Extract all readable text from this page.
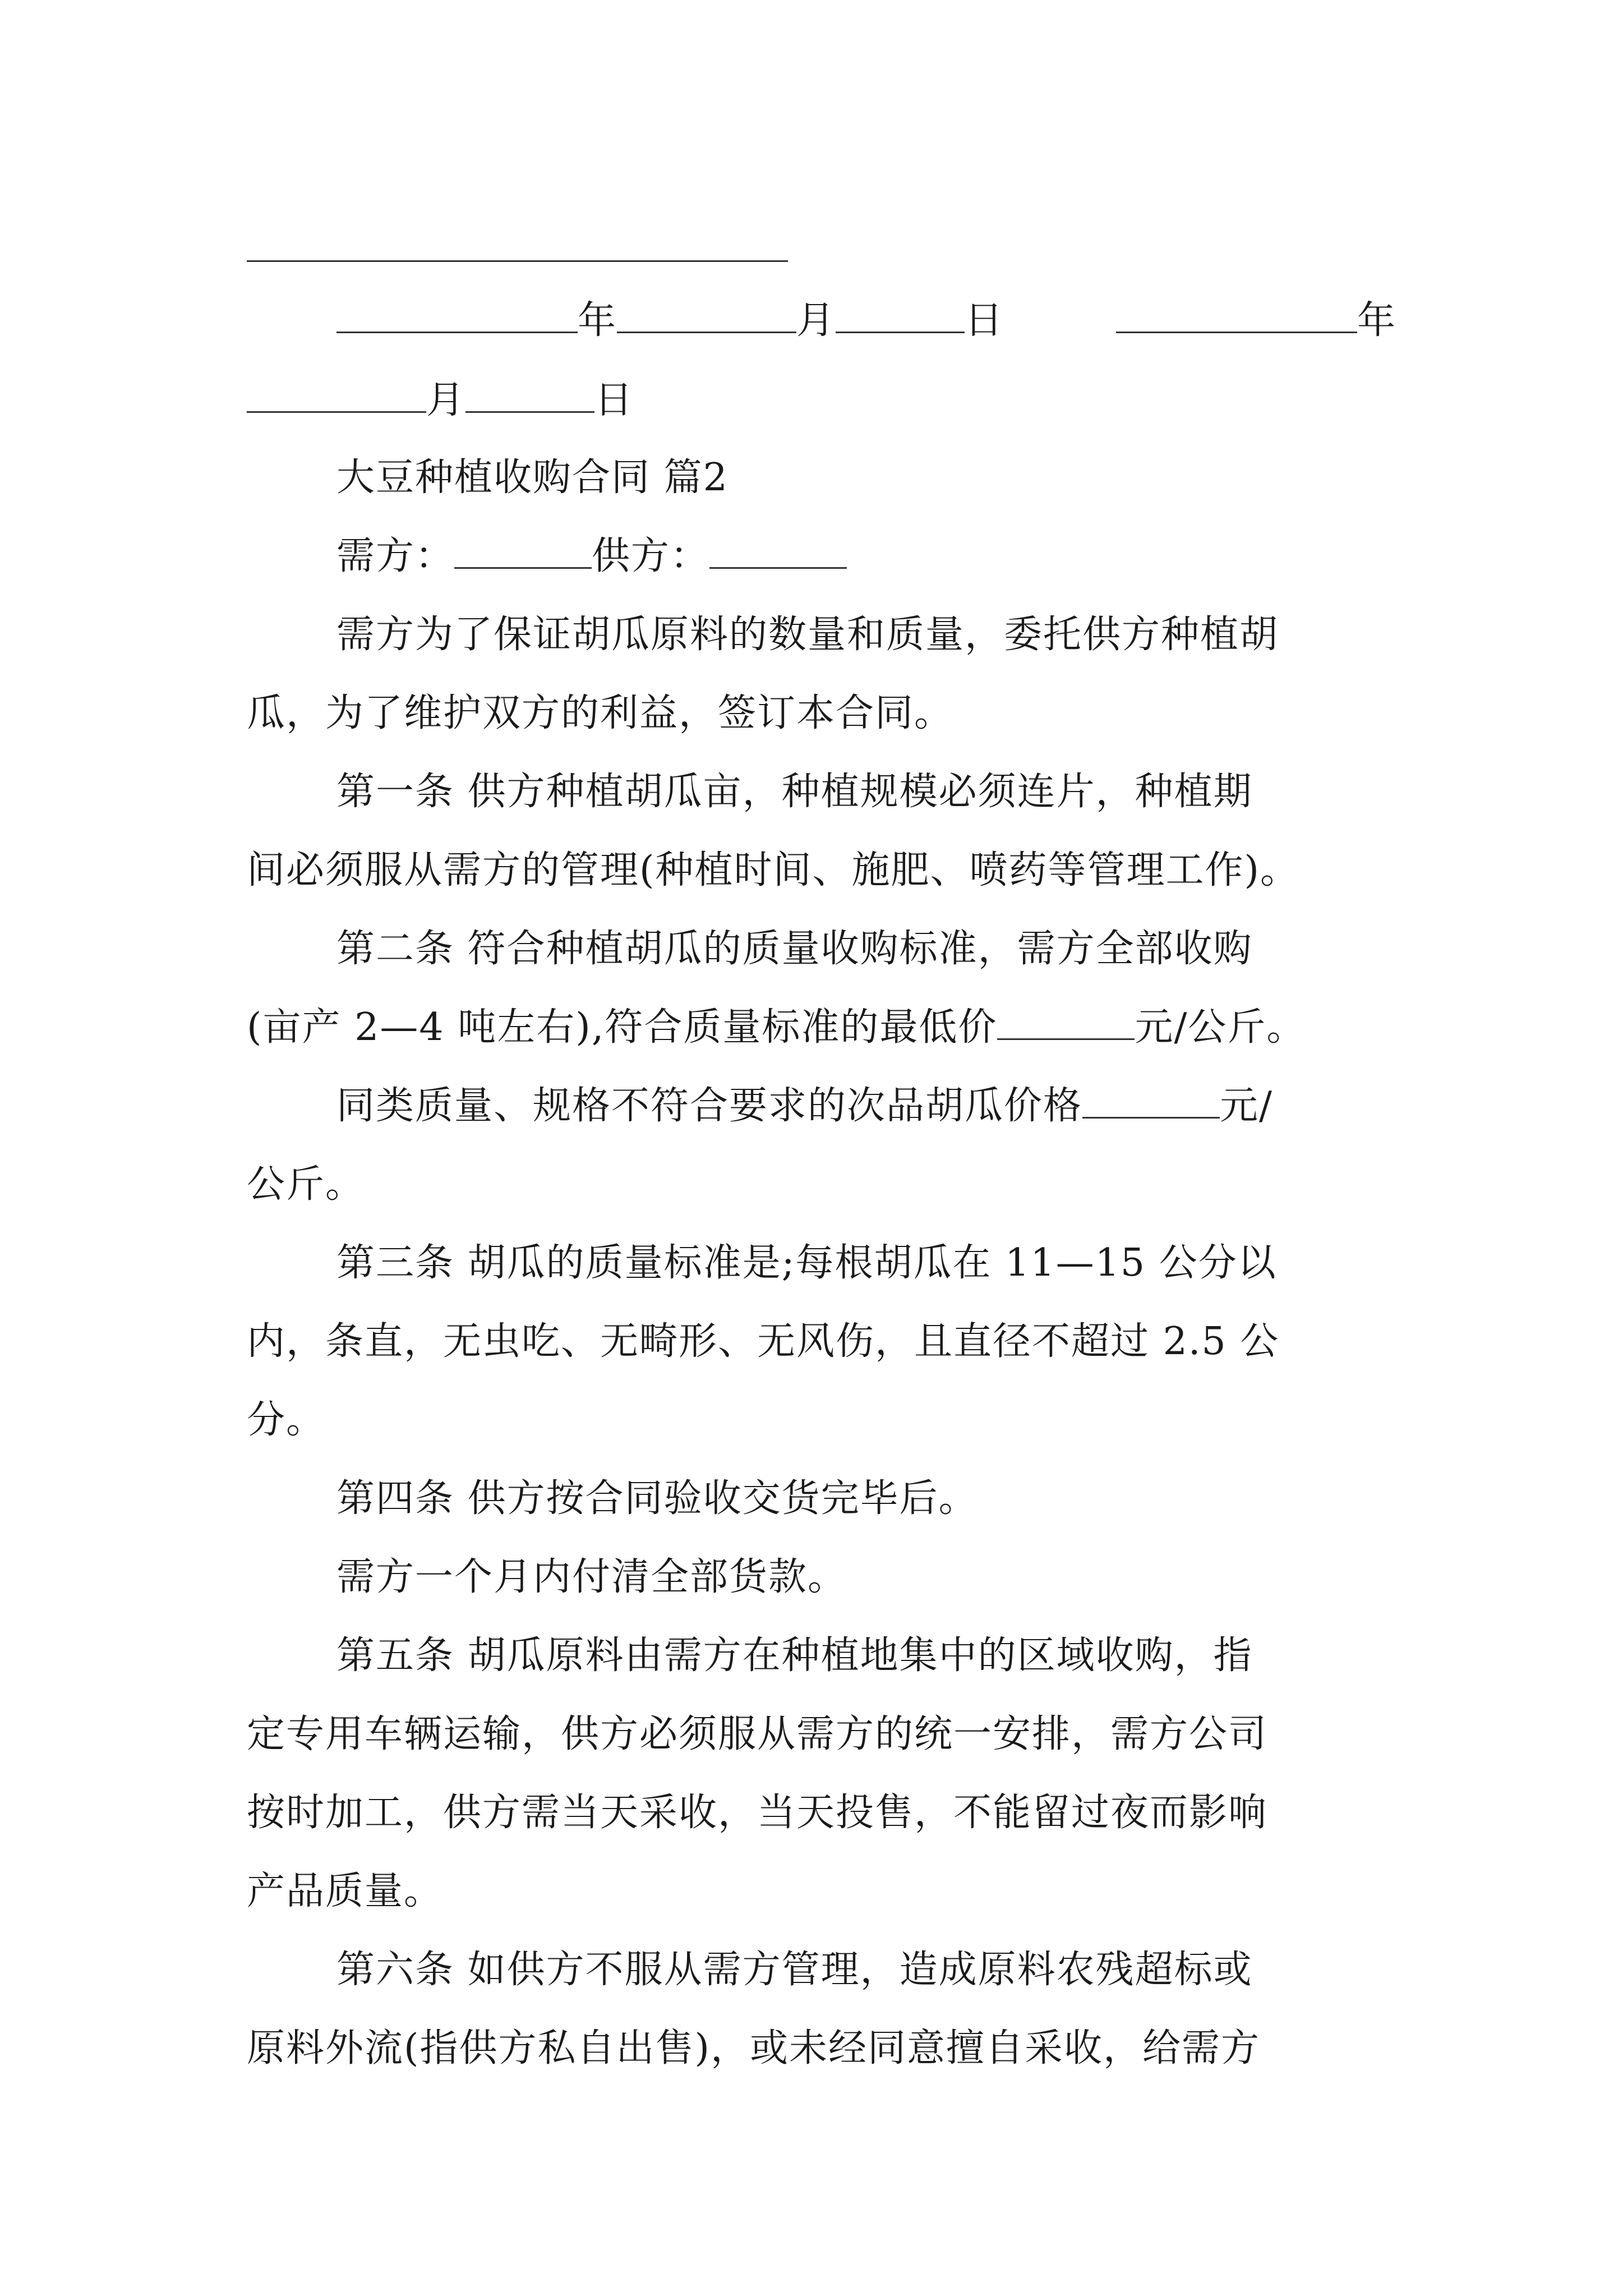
年	月	日	年
月	日
大豆种植收购合同 篇2
需方：	供方：
需方为了保证胡瓜原料的数量和质量，委托供方种植胡
瓜，为了维护双方的利益，签订本合同。
第一条 供方种植胡瓜亩，种植规模必须连片，种植期
间必须服从需方的管理(种植时间、施肥、喷药等管理工作)。
第二条 符合种植胡瓜的质量收购标准，需方全部收购
(亩产 2—4 吨左右),符合质量标准的最低价	元/公斤。
同类质量、规格不符合要求的次品胡瓜价格	元/
公斤。
第三条 胡瓜的质量标准是;每根胡瓜在 11—15 公分以
内，条直，无虫吃、无畸形、无风伤，且直径不超过 2.5 公
分。
第四条 供方按合同验收交货完毕后。
需方一个月内付清全部货款。
第五条 胡瓜原料由需方在种植地集中的区域收购，指
定专用车辆运输，供方必须服从需方的统一安排，需方公司
按时加工，供方需当天采收，当天投售，不能留过夜而影响
产品质量。
第六条 如供方不服从需方管理，造成原料农残超标或
原料外流(指供方私自出售)，或未经同意擅自采收，给需方
